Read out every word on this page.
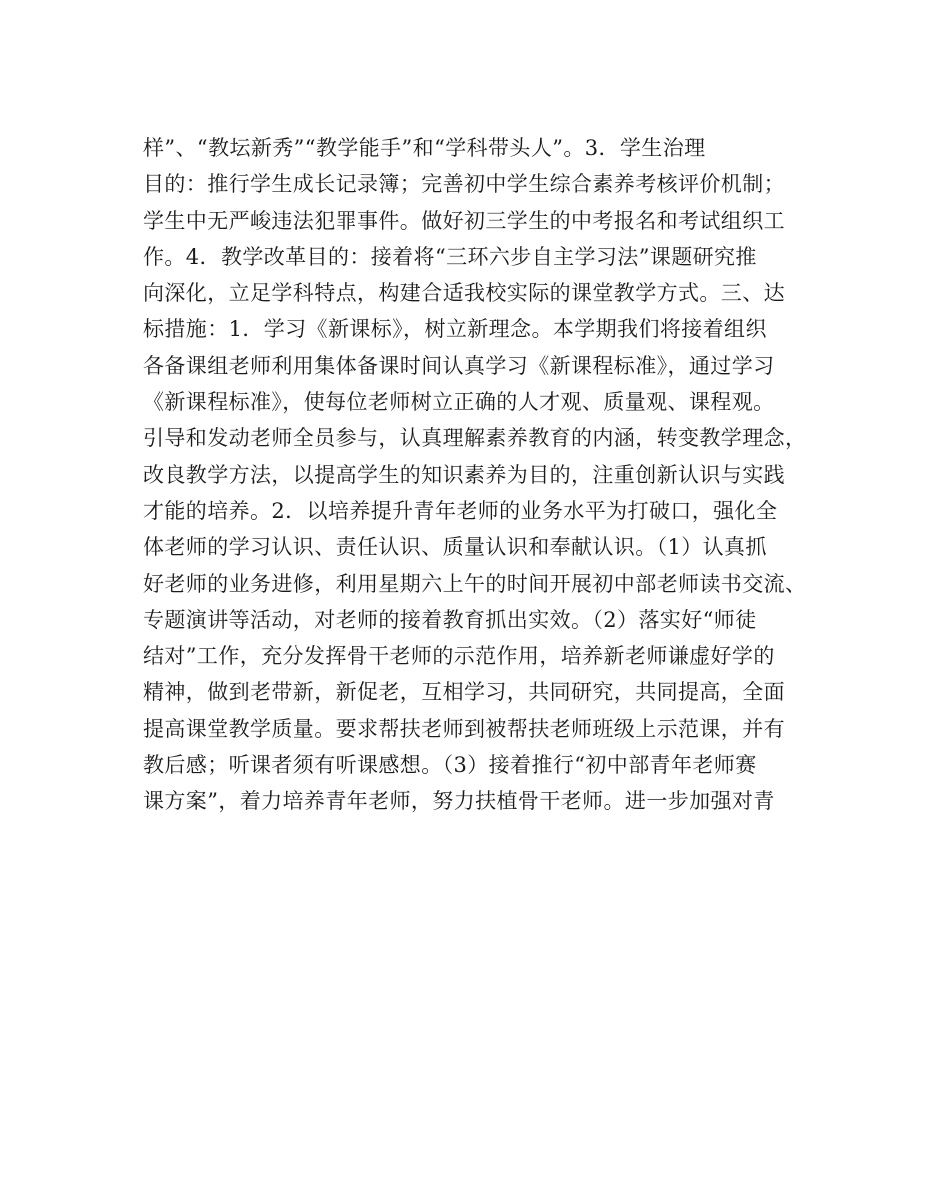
样”、“教坛新秀”“教学能手”和“学科带头人”。3．学生治理
目的：推行学生成长记录簿；完善初中学生综合素养考核评价机制；
学生中无严峻违法犯罪事件。做好初三学生的中考报名和考试组织工
作。4．教学改革目的：接着将“三环六步自主学习法”课题研究推
向深化，立足学科特点，构建合适我校实际的课堂教学方式。三、达
标措施：1．学习《新课标》，树立新理念。本学期我们将接着组织
各备课组老师利用集体备课时间认真学习《新课程标准》，通过学习
《新课程标准》，使每位老师树立正确的人才观、质量观、课程观。
引导和发动老师全员参与，认真理解素养教育的内涵，转变教学理念，
改良教学方法，以提高学生的知识素养为目的，注重创新认识与实践
才能的培养。2．以培养提升青年老师的业务水平为打破口，强化全
体老师的学习认识、责任认识、质量认识和奉献认识。（1）认真抓
好老师的业务进修，利用星期六上午的时间开展初中部老师读书交流、
专题演讲等活动，对老师的接着教育抓出实效。（2）落实好“师徒
结对”工作，充分发挥骨干老师的示范作用，培养新老师谦虚好学的
精神，做到老带新，新促老，互相学习，共同研究，共同提高，全面
提高课堂教学质量。要求帮扶老师到被帮扶老师班级上示范课，并有
教后感；听课者须有听课感想。（3）接着推行“初中部青年老师赛
课方案”，着力培养青年老师，努力扶植骨干老师。进一步加强对青
